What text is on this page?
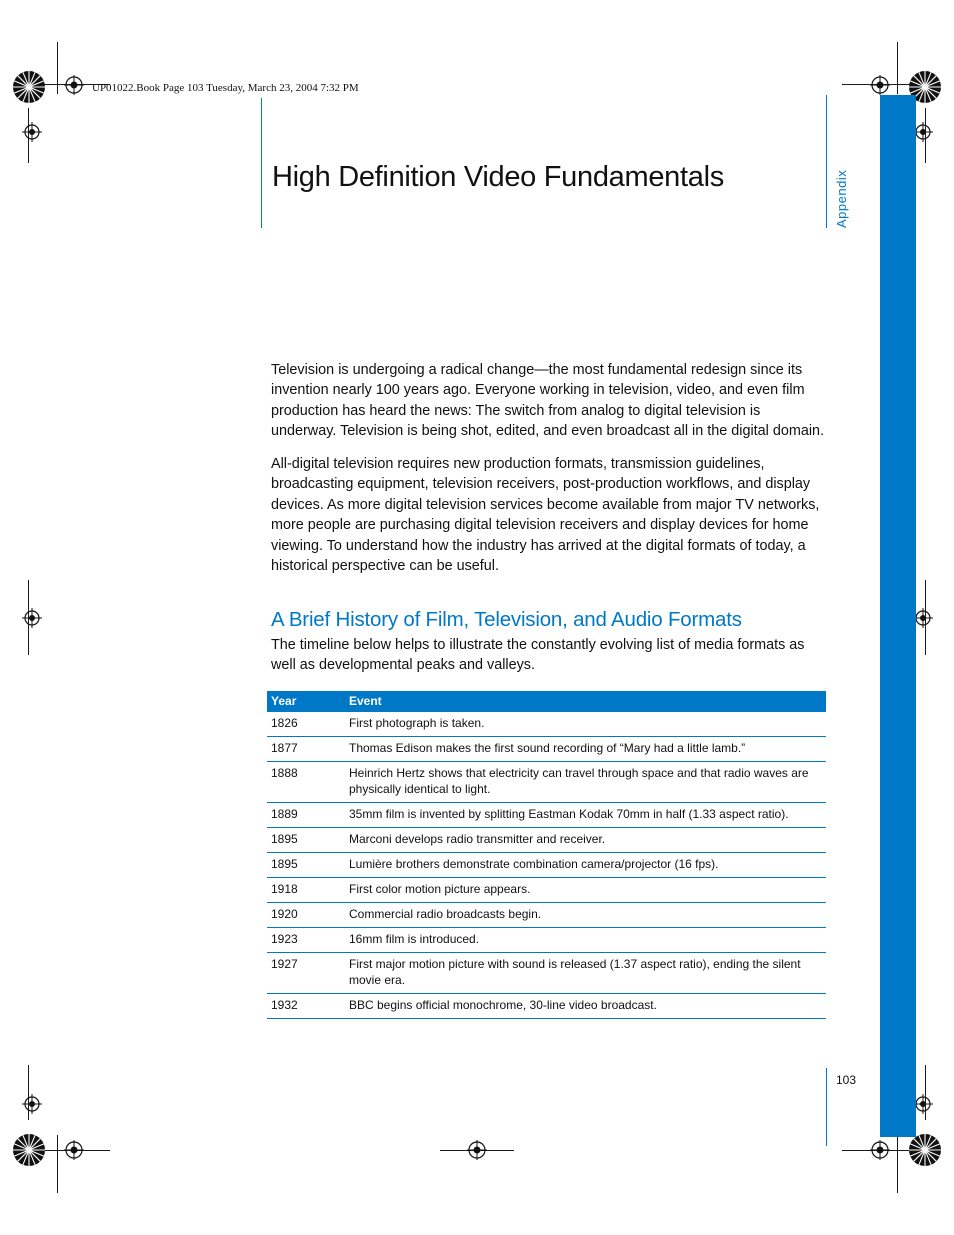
UP01022.Book Page 103 Tuesday, March 23, 2004 7:32 PM
Appendix
High Definition Video Fundamentals

Television is undergoing a radical change—the most fundamental redesign since its invention nearly 100 years ago. Everyone working in television, video, and even film production has heard the news: The switch from analog to digital television is underway. Television is being shot, edited, and even broadcast all in the digital domain.

All-digital television requires new production formats, transmission guidelines, broadcasting equipment, television receivers, post-production workflows, and display devices. As more digital television services become available from major TV networks, more people are purchasing digital television receivers and display devices for home viewing. To understand how the industry has arrived at the digital formats of today, a historical perspective can be useful.

A Brief History of Film, Television, and Audio Formats

The timeline below helps to illustrate the constantly evolving list of media formats as well as developmental peaks and valleys.

Year	Event
1826	First photograph is taken.
1877	Thomas Edison makes the first sound recording of “Mary had a little lamb.”
1888	Heinrich Hertz shows that electricity can travel through space and that radio waves are physically identical to light.
1889	35mm film is invented by splitting Eastman Kodak 70mm in half (1.33 aspect ratio).
1895	Marconi develops radio transmitter and receiver.
1895	Lumière brothers demonstrate combination camera/projector (16 fps).
1918	First color motion picture appears.
1920	Commercial radio broadcasts begin.
1923	16mm film is introduced.
1927	First major motion picture with sound is released (1.37 aspect ratio), ending the silent movie era.
1932	BBC begins official monochrome, 30-line video broadcast.
103
